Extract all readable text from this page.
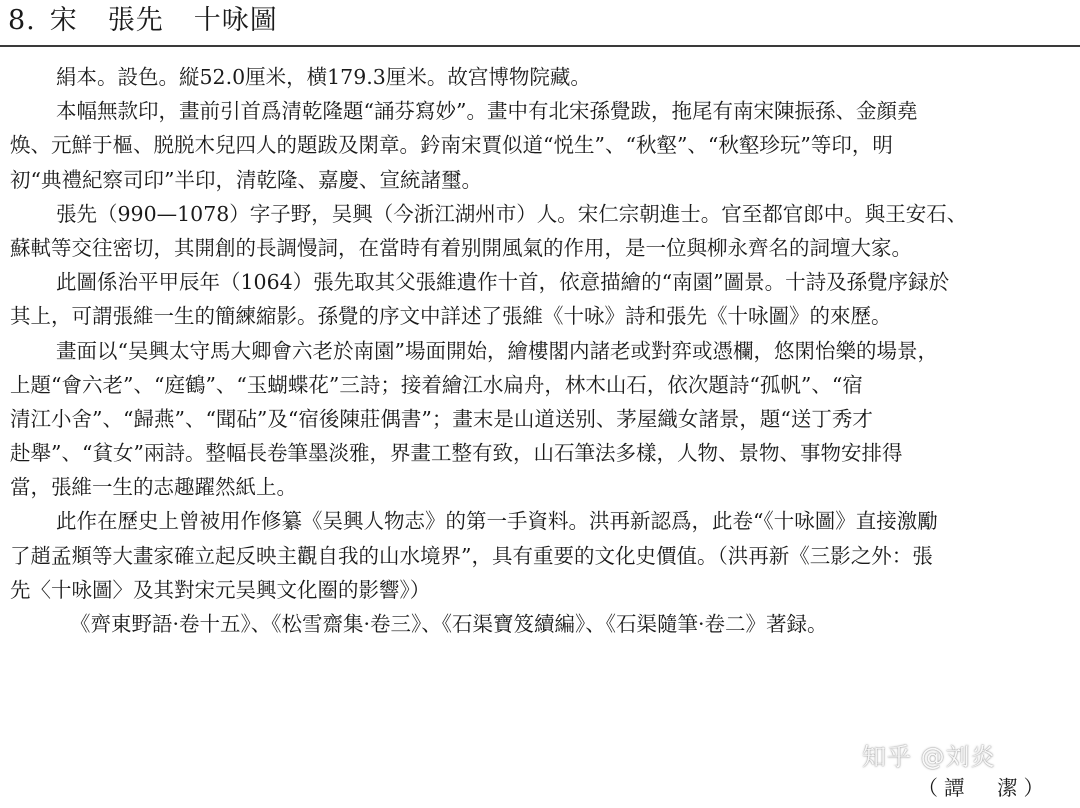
8. 宋 張先 十咏圖
絹本。設色。縦52.0厘米，横179.3厘米。故宫博物院藏。
本幅無款印，畫前引首爲清乾隆題“誦芬寫妙”。畫中有北宋孫覺跋，拖尾有南宋陳振孫、金顔堯
焕、元鮮于樞、脱脱木兒四人的題跋及閑章。鈐南宋賈似道“悦生”、“秋壑”、“秋壑珍玩”等印，明
初“典禮紀察司印”半印，清乾隆、嘉慶、宣統諸璽。
張先（990—1078）字子野，吴興（今浙江湖州市）人。宋仁宗朝進士。官至都官郎中。與王安石、
蘇軾等交往密切，其開創的長調慢詞，在當時有着别開風氣的作用，是一位與柳永齊名的詞壇大家。
此圖係治平甲辰年（1064）張先取其父張維遺作十首，依意描繪的“南園”圖景。十詩及孫覺序録於
其上，可謂張維一生的簡練縮影。孫覺的序文中詳述了張維《十咏》詩和張先《十咏圖》的來歷。
畫面以“吴興太守馬大卿會六老於南園”場面開始，繪樓閣内諸老或對弈或憑欄，悠閑怡樂的場景，
上題“會六老”、“庭鶴”、“玉蝴蝶花”三詩；接着繪江水扁舟，林木山石，依次題詩“孤帆”、“宿
清江小舍”、“歸燕”、“聞砧”及“宿後陳莊偶書”；畫末是山道送别、茅屋織女諸景，題“送丁秀才
赴舉”、“貧女”兩詩。整幅長卷筆墨淡雅，界畫工整有致，山石筆法多樣，人物、景物、事物安排得
當，張維一生的志趣躍然紙上。
此作在歷史上曾被用作修纂《吴興人物志》的第一手資料。洪再新認爲，此卷“《十咏圖》直接激勵
了趙孟頫等大畫家確立起反映主觀自我的山水境界”，具有重要的文化史價值。（洪再新《三影之外：張
先〈十咏圖〉及其對宋元吴興文化圈的影響》）
《齊東野語·卷十五》、《松雪齋集·卷三》、《石渠寶笈續編》、《石渠隨筆·卷二》著録。
（譚　潔）
知乎 @刘炎
